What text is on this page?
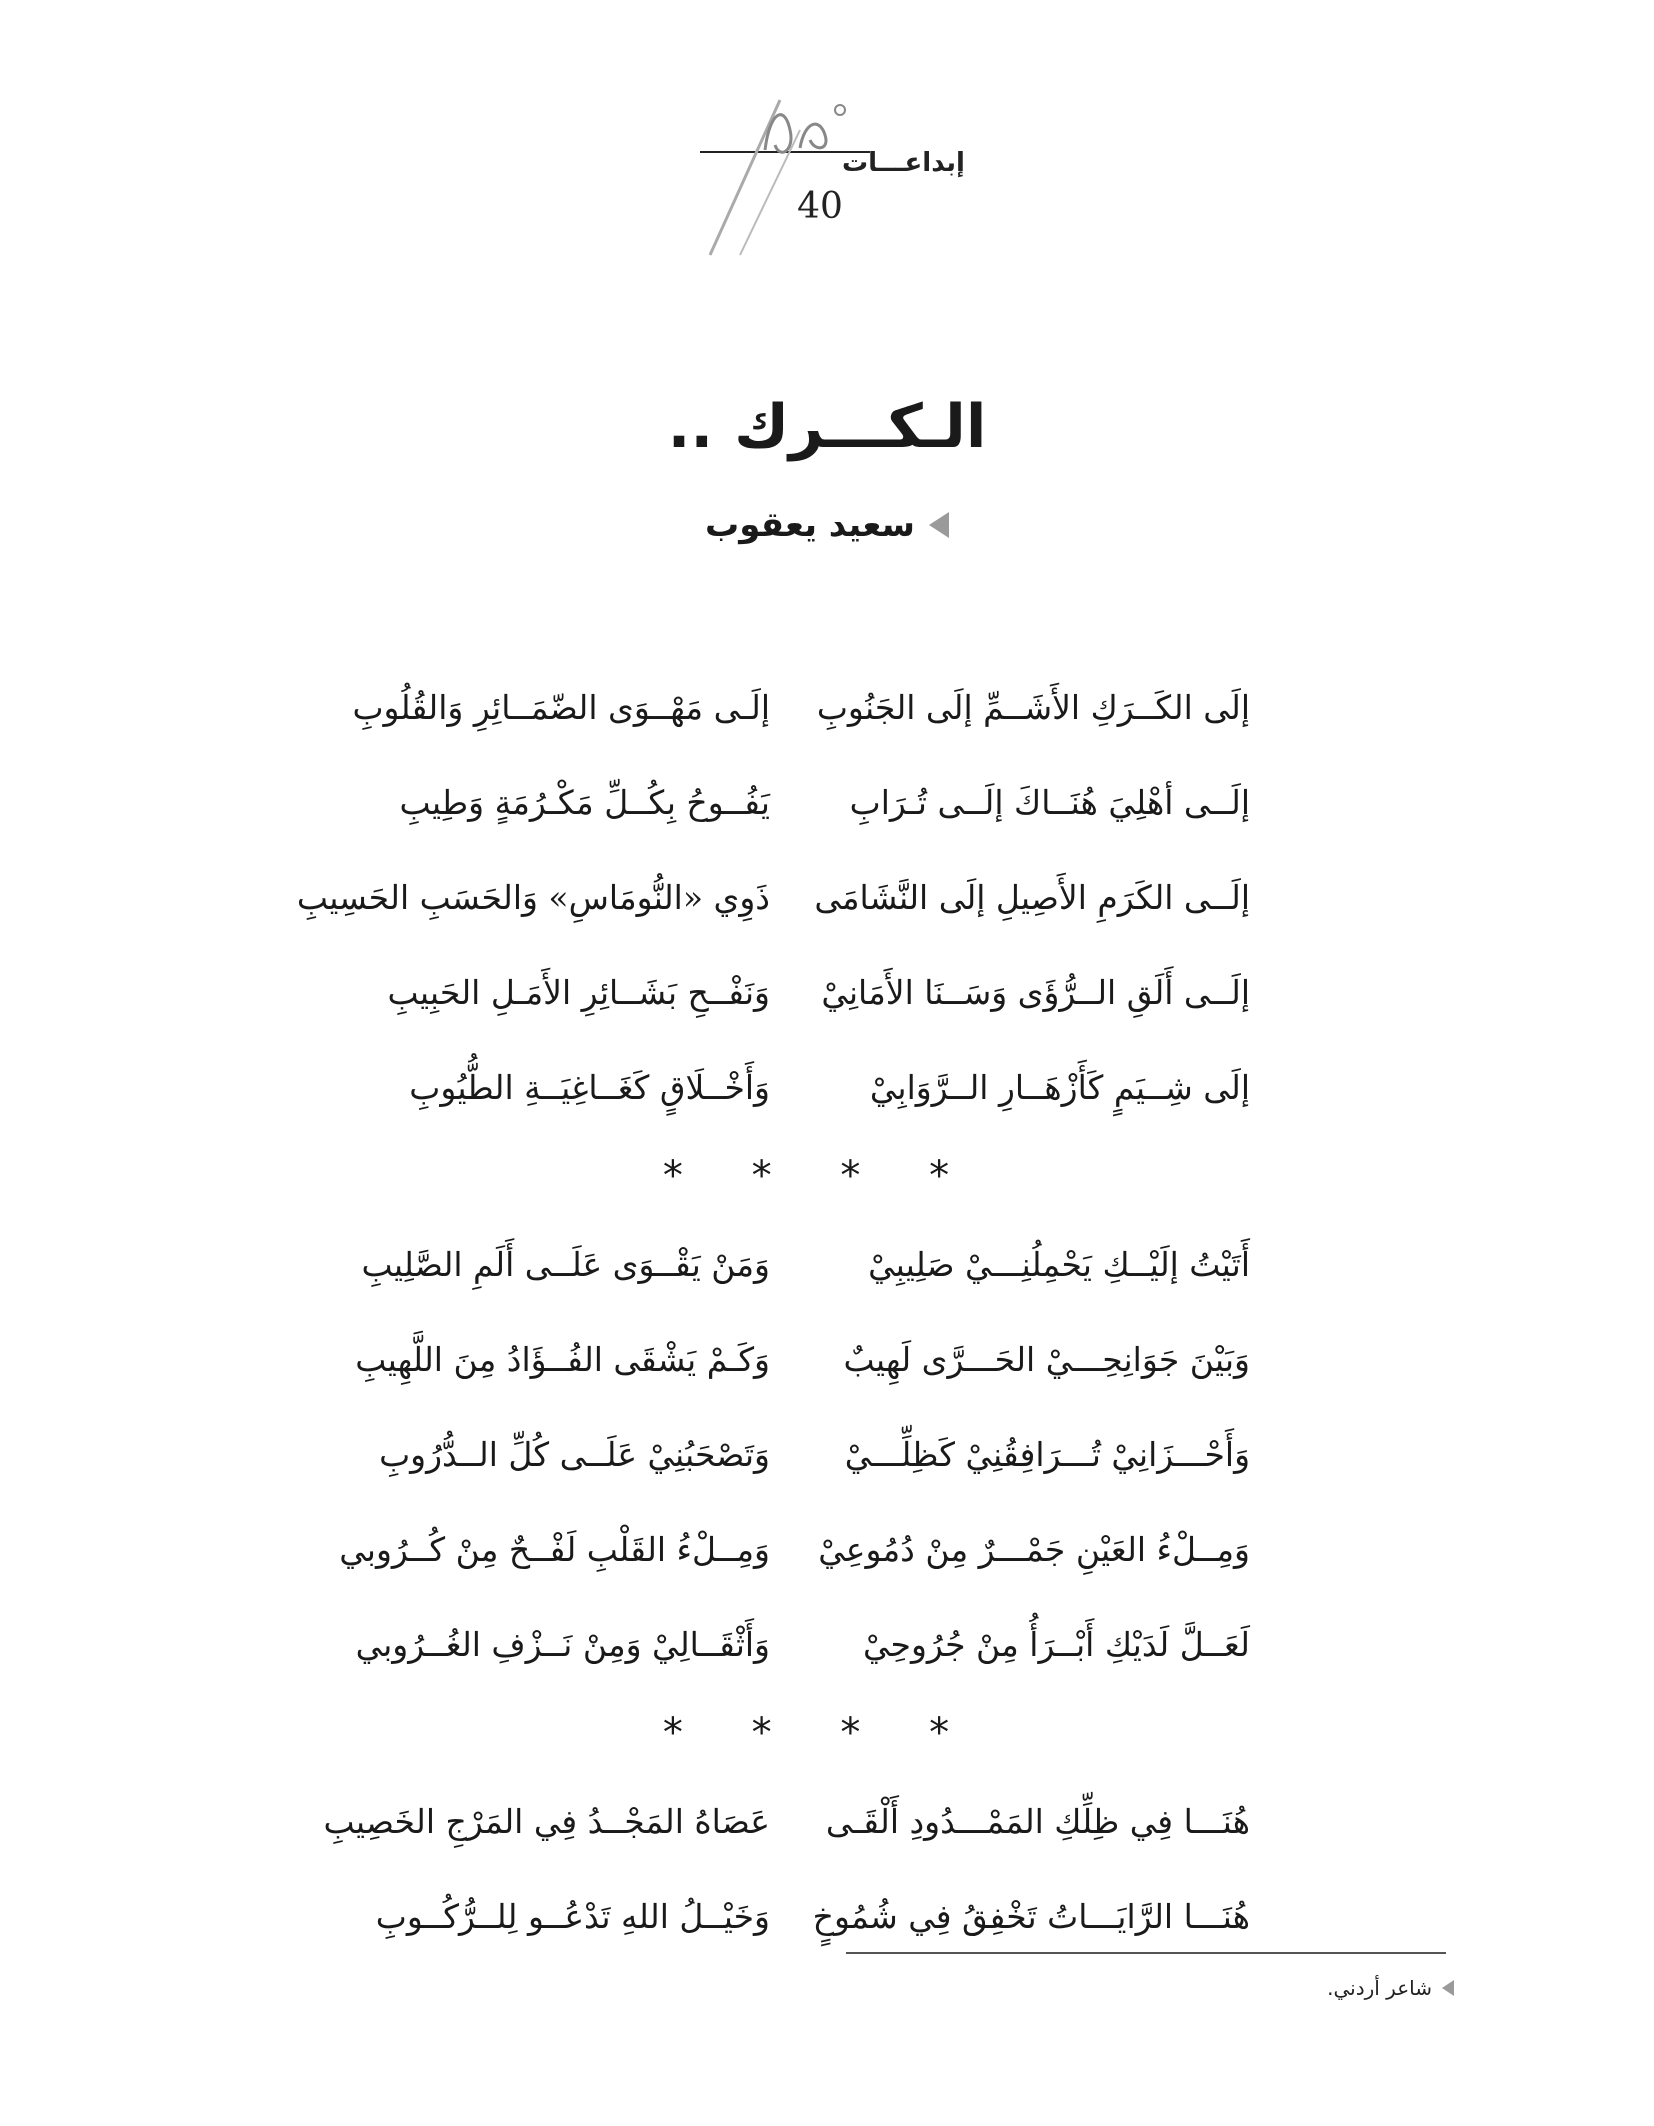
إبداعـــات
40
الـكـــرك ..
سعيد يعقوب
إلَى الكَــرَكِ الأَشَــمِّ إلَى الجَنُوبِ
إلَـى مَهْــوَى الضّمَــائِرِ وَالقُلُوبِ
إلَــى أهْلِيَ هُنَــاكَ إلَــى تُـرَابِ
يَفُــوحُ بِكُــلِّ مَكْـرُمَةٍ وَطِيبِ
إلَــى الكَرَمِ الأَصِيلِ إلَى النَّشَامَى
ذَوِي «النُّومَاسِ» وَالحَسَبِ الحَسِيبِ
إلَــى أَلَقِ الــرُّؤَى وَسَــنَا الأَمَانِيْ
وَنَفْــحِ بَشَــائِرِ الأَمَـلِ الحَبِيبِ
إلَى شِــيَمٍ كَأَزْهَــارِ الــرَّوَابِيْ
وَأَخْــلَاقٍ كَغَــاغِيَــةِ الطُّيُوبِ
* * * *
أَتَيْتُ إلَيْــكِ يَحْمِلُنِـــيْ صَلِيبِيْ
وَمَنْ يَقْــوَى عَلَــى أَلَمِ الصَّلِيبِ
وَبَيْنَ جَوَانِحِـــيْ الحَـــرَّى لَهِيبٌ
وَكَـمْ يَشْقَى الفُــؤَادُ مِنَ اللَّهِيبِ
وَأَحْـــزَانِيْ تُـــرَافِقُنِيْ كَظِلِّـــيْ
وَتَصْحَبُنِيْ عَلَــى كُلِّ الــدُّرُوبِ
وَمِــلْءُ العَيْنِ جَمْـــرٌ مِنْ دُمُوعِيْ
وَمِــلْءُ القَلْبِ لَفْــحٌ مِنْ كُــرُوبي
لَعَــلَّ لَدَيْكِ أَبْــرَأُ مِنْ جُرُوحِيْ
وَأَثْقَــالِيْ وَمِنْ نَــزْفِ الغُــرُوبي
* * * *
هُنَـــا فِي ظِلِّكِ المَمْـــدُودِ أَلْقَـى
عَصَاهُ المَجْــدُ فِي المَرْجِ الخَصِيبِ
هُنَـــا الرَّايَـــاتُ تَخْفِقُ فِي شُمُوخٍ
وَخَيْــلُ اللهِ تَدْعُــو لِلــرُّكُــوبِ
شاعر أردني.
